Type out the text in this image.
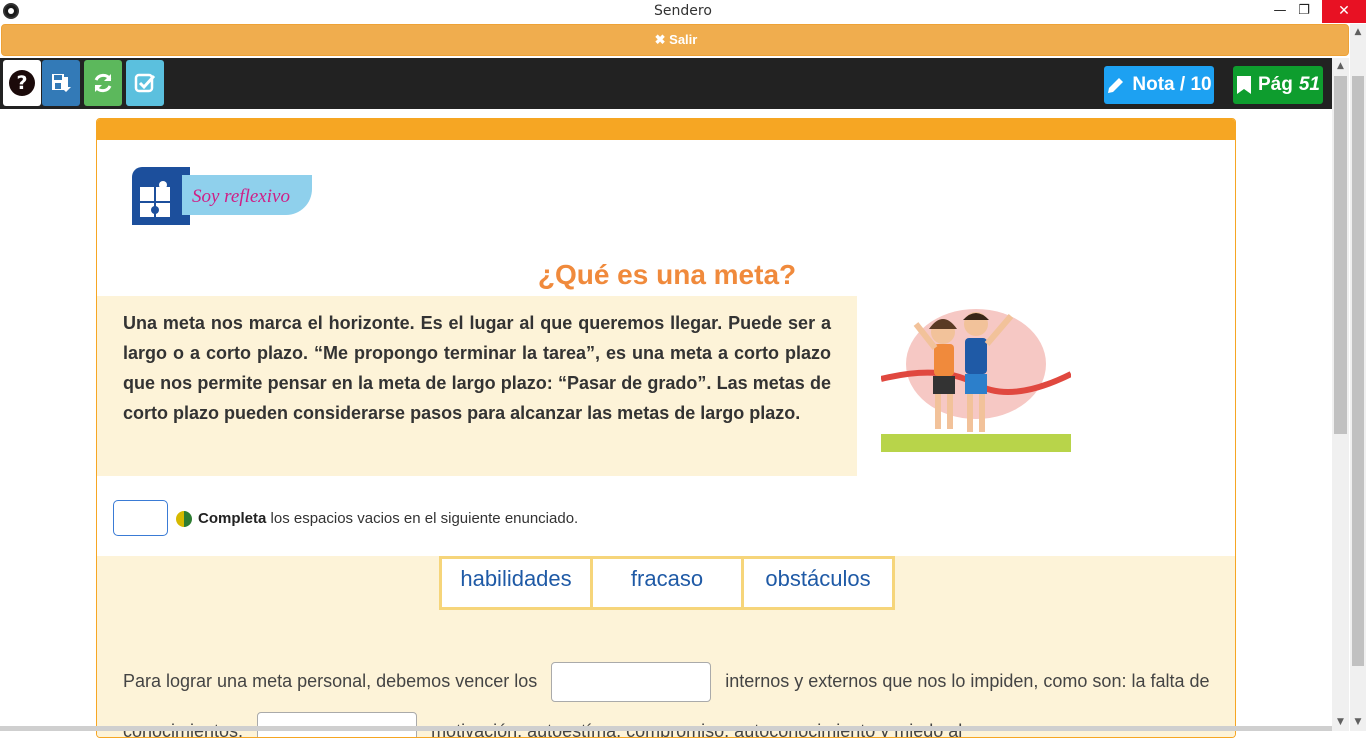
Sendero	— ❐	✕
✖ Salir
?	Nota / 10 Pág 51
▲
▼
▲
▼
Soy reflexivo
¿Qué es una meta?
Una meta nos marca el horizonte. Es el lugar al que queremos llegar. Puede ser a largo o a corto plazo. “Me propongo terminar la tarea”, es una meta a corto plazo que nos permite pensar en la meta de largo plazo: “Pasar de grado”. Las metas de corto plazo pueden considerarse pasos para alcanzar las metas de largo plazo.
Completa los espacios vacios en el siguiente enunciado.
habilidades	fracaso	obstáculos
Para lograr una meta personal, debemos vencer los	internos y externos que nos lo impiden, como son: la falta de
